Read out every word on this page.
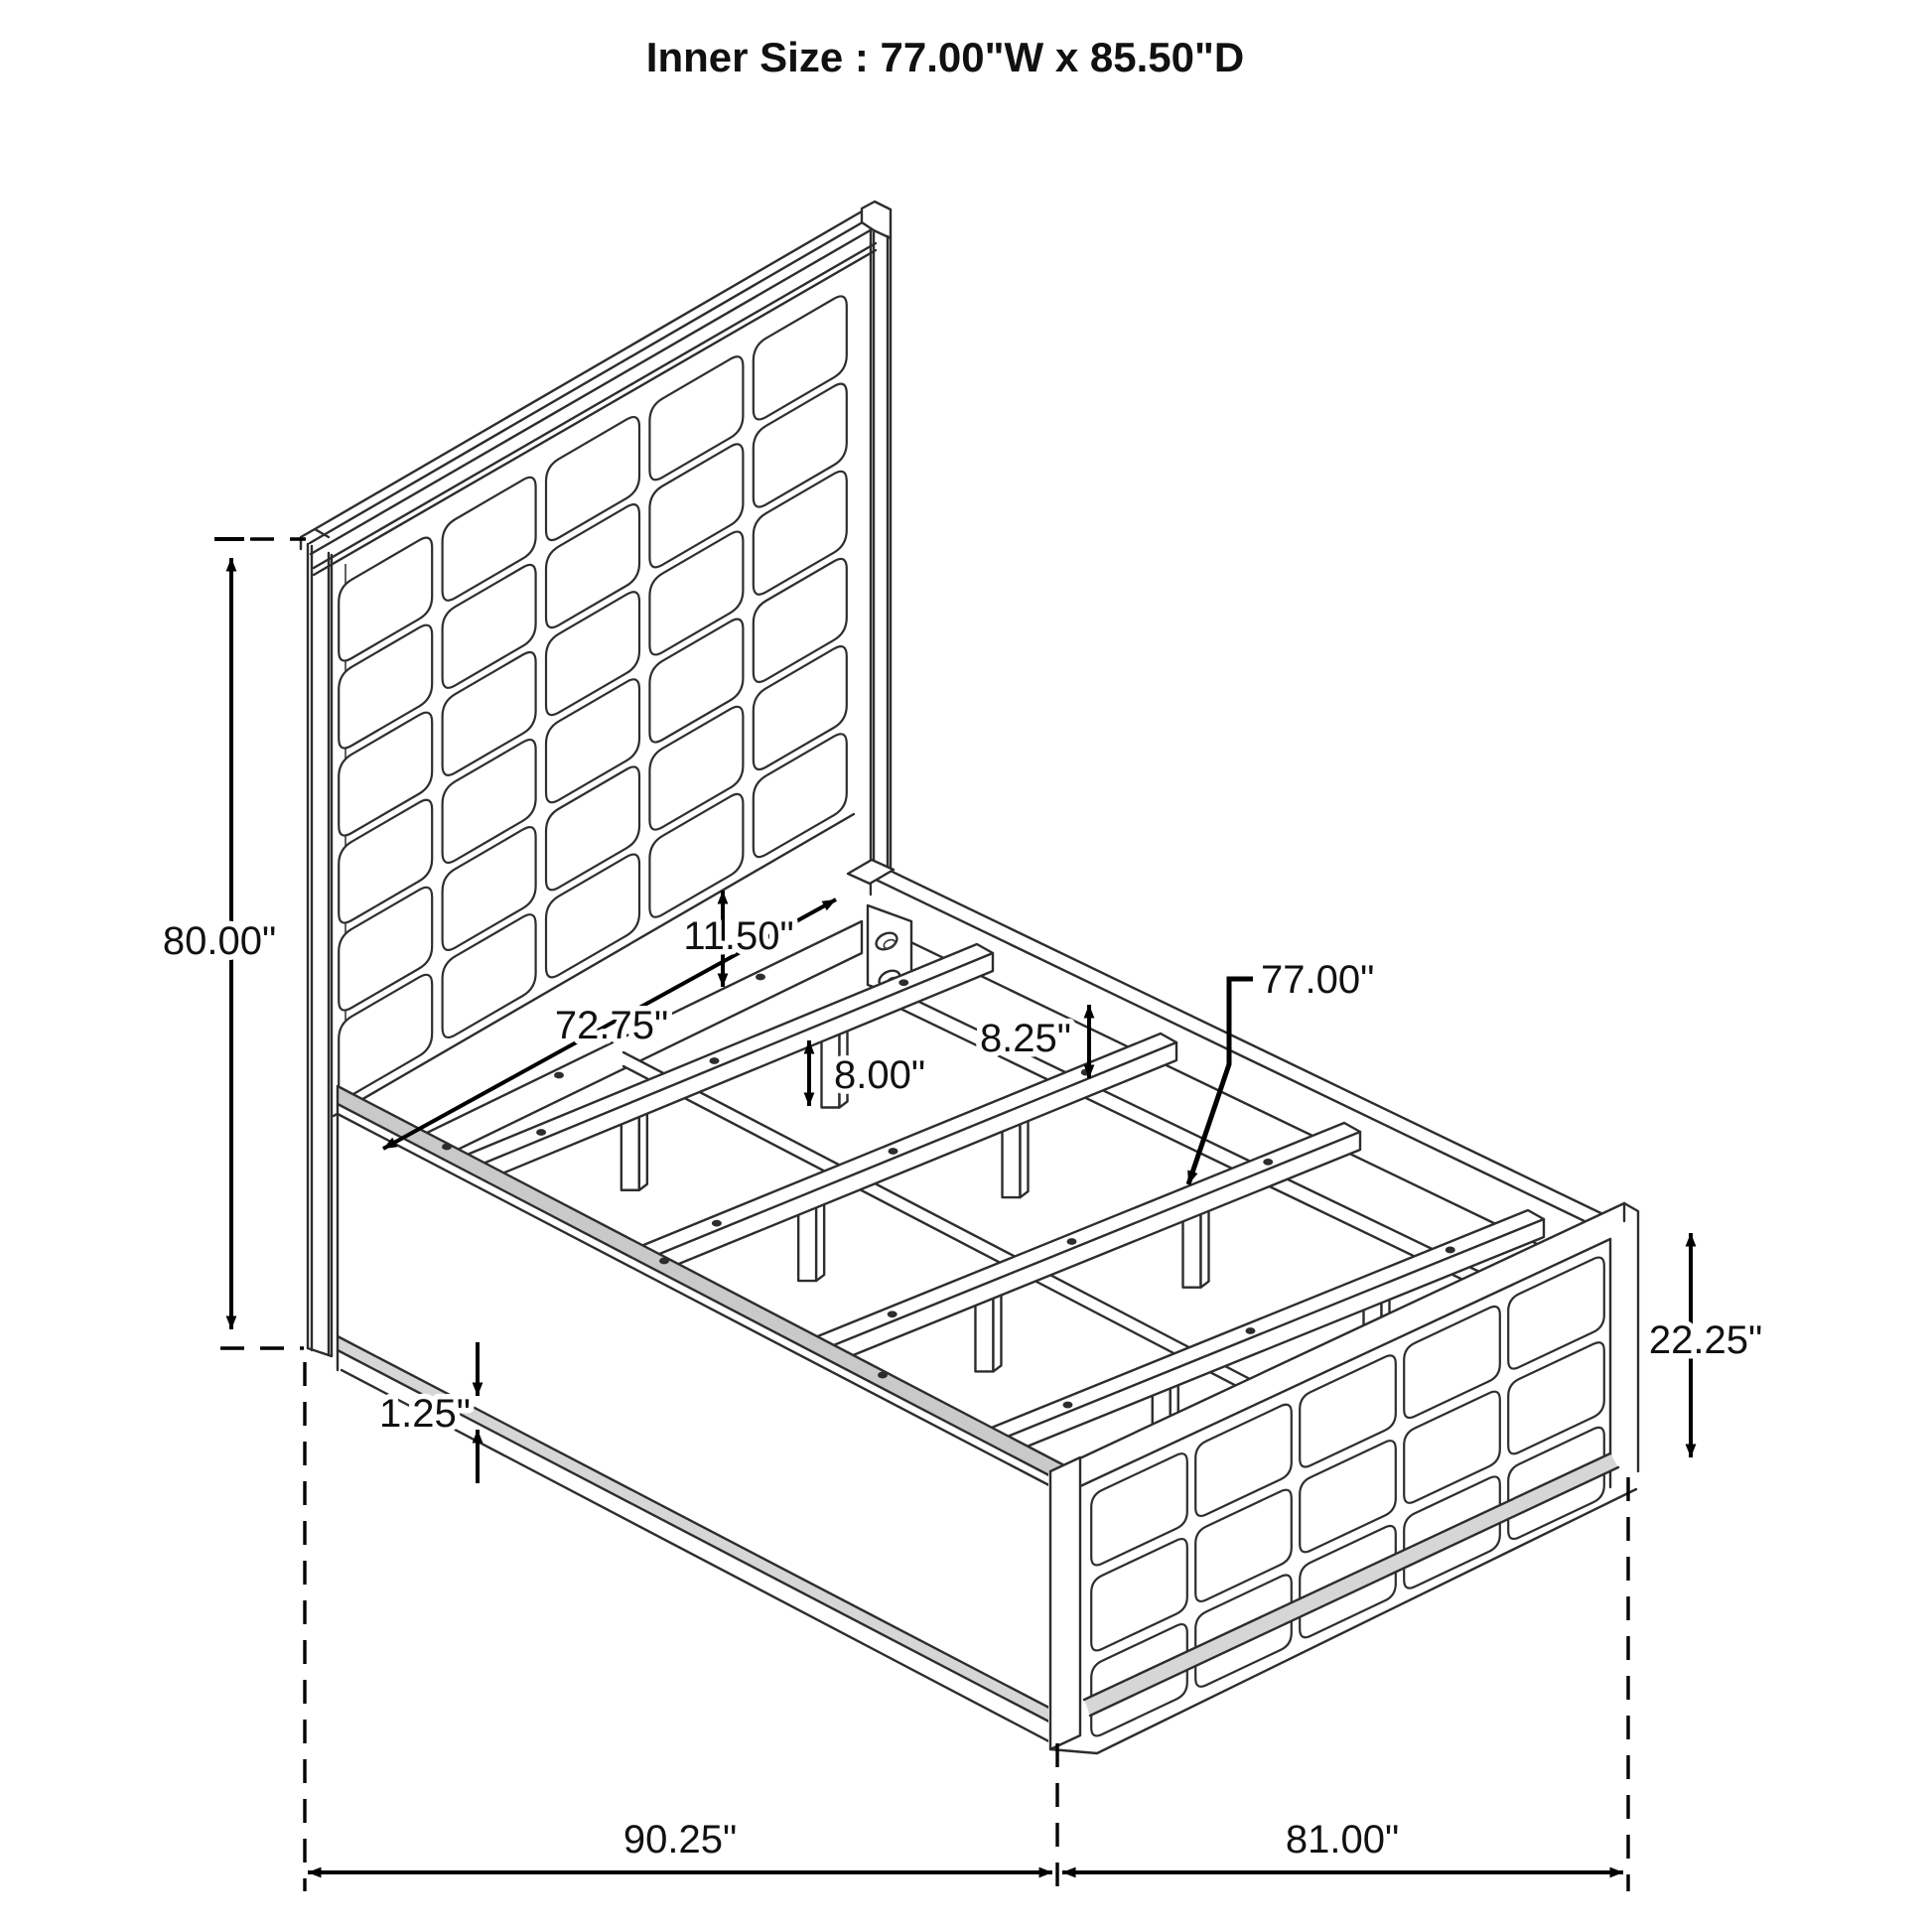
Inner Size : 77.00"W x 85.50"D
80.00"
72.75"
11.50"
8.25"
8.00"
77.00"
1.25"
22.25"
90.25"	81.00"
